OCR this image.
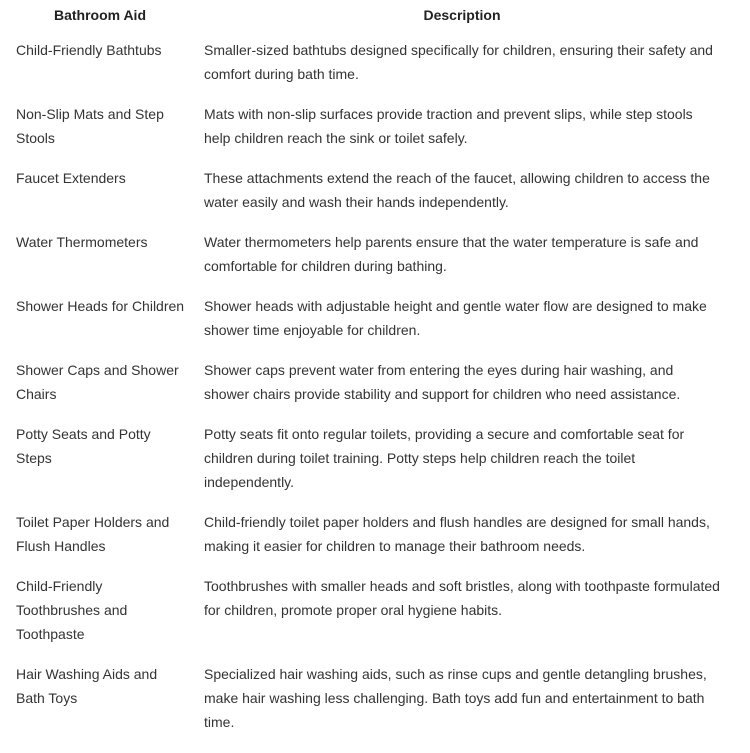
Bathroom Aid	Description
Child-Friendly Bathtubs	Smaller-sized bathtubs designed specifically for children, ensuring their safety and comfort during bath time.
Non-Slip Mats and Step Stools	Mats with non-slip surfaces provide traction and prevent slips, while step stools help children reach the sink or toilet safely.
Faucet Extenders	These attachments extend the reach of the faucet, allowing children to access the water easily and wash their hands independently.
Water Thermometers	Water thermometers help parents ensure that the water temperature is safe and comfortable for children during bathing.
Shower Heads for Children	Shower heads with adjustable height and gentle water flow are designed to make shower time enjoyable for children.
Shower Caps and Shower Chairs	Shower caps prevent water from entering the eyes during hair washing, and shower chairs provide stability and support for children who need assistance.
Potty Seats and Potty Steps	Potty seats fit onto regular toilets, providing a secure and comfortable seat for children during toilet training. Potty steps help children reach the toilet independently.
Toilet Paper Holders and Flush Handles	Child-friendly toilet paper holders and flush handles are designed for small hands, making it easier for children to manage their bathroom needs.
Child-Friendly Toothbrushes and Toothpaste	Toothbrushes with smaller heads and soft bristles, along with toothpaste formulated for children, promote proper oral hygiene habits.
Hair Washing Aids and Bath Toys	Specialized hair washing aids, such as rinse cups and gentle detangling brushes, make hair washing less challenging. Bath toys add fun and entertainment to bath time.
